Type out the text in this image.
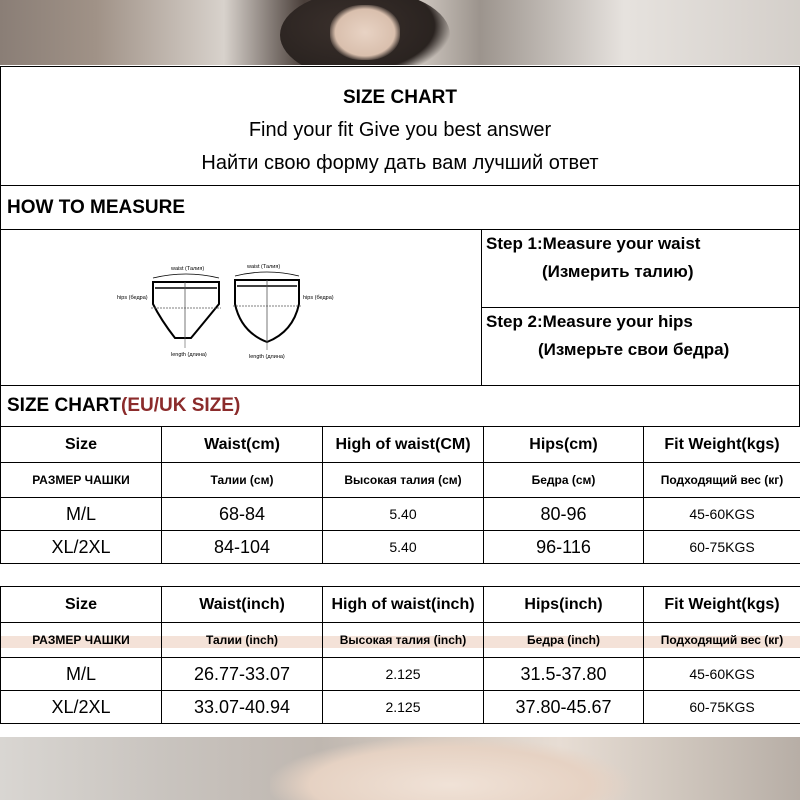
SIZE CHART
Find your fit Give you best answer
Найти свою форму дать вам лучший ответ
HOW TO MEASURE
waist (Талия)	waist (Талия)
hips (бедра)	hips (бедра)
length (длина)	length (длина)
Step 1:Measure your waist
(Измерить талию)
Step 2:Measure your hips
(Измерьте свои бедра)
SIZE CHART(EU/UK SIZE)
Size	Waist(cm)	High of waist(CM)	Hips(cm)	Fit Weight(kgs)
РАЗМЕР ЧАШКИ	Талии (см)	Высокая талия (см)	Бедра (см)	Подходящий вес (кг)
M/L	68-84	5.40	80-96	45-60KGS
XL/2XL	84-104	5.40	96-116	60-75KGS
Size	Waist(inch)	High of waist(inch)	Hips(inch)	Fit Weight(kgs)
РАЗМЕР ЧАШКИ	Талии (inch)	Высокая талия (inch)	Бедра (inch)	Подходящий вес (кг)
M/L	26.77-33.07	2.125	31.5-37.80	45-60KGS
XL/2XL	33.07-40.94	2.125	37.80-45.67	60-75KGS
